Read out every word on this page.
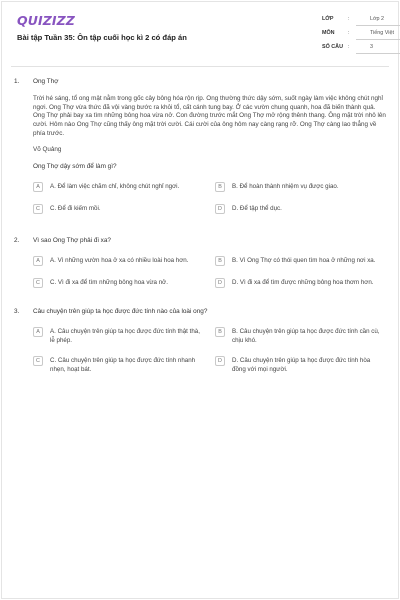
QUIZIZZ
Bài tập Tuần 35: Ôn tập cuối học kì 2 có đáp án
LỚP	:	Lớp 2
MÔN :	Tiếng Việt
SỐ CÂU :	3
1. Ong Thợ
Trời hé sáng, tổ ong mật nằm trong gốc cây bông hóa rộn rịp. Ong thường thức dậy sớm, suốt ngày làm việc không chút nghỉ ngơi. Ong Thợ vừa thức đã vội vàng bước ra khỏi tổ, cất cánh tung bay. Ở các vườn chung quanh, hoa đã biến thành quả. Ong Thợ phải bay xa tìm những bông hoa vừa nở. Con đường trước mắt Ong Thợ mở rộng thênh thang. Ông mặt trời nhô lên cười. Hôm nào Ong Thợ cũng thấy ông mặt trời cười. Cái cười của ông hôm nay càng rạng rỡ. Ong Thợ càng lao thẳng về phía trước.
Võ Quảng
Ong Thợ dậy sớm để làm gì?
A	A. Để làm việc chăm chỉ, không chút nghỉ ngơi.	B	B. Để hoàn thành nhiệm vụ được giao.
C	C. Để đi kiếm mồi.	D	D. Để tập thể dục.
2. Vì sao Ong Thợ phải đi xa?
A	A. Vì những vườn hoa ở xa có nhiều loài hoa hơn.	B	B. Vì Ong Thợ có thói quen tìm hoa ở những nơi xa.
C	C. Vì đi xa để tìm những bông hoa vừa nở.	D	D. Vì đi xa để tìm được những bông hoa thơm hơn.
3. Câu chuyện trên giúp ta học được đức tính nào của loài ong?
A	A. Câu chuyện trên giúp ta học được đức tính thật thà, lễ phép.
B	B. Câu chuyện trên giúp ta học được đức tính cần cù, chịu khó.
C	C. Câu chuyện trên giúp ta học được đức tính nhanh nhẹn, hoạt bát.
D	D. Câu chuyện trên giúp ta học được đức tính hòa đồng với mọi người.
